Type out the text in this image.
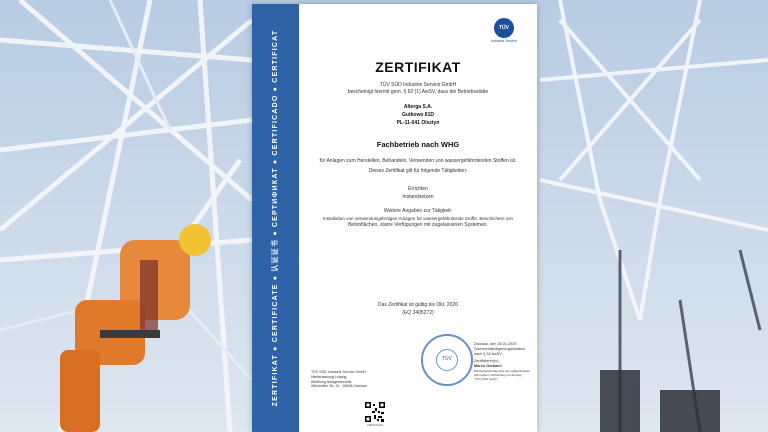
ZERTIFIKAT ● CERTIFICATE ● 认证证书 ● СЕРТИФИКАТ ● CERTIFICADO ● CERTIFICAT
TÜV
Industrie Service
ZERTIFIKAT
TÜV SÜD Industrie Service GmbH
bescheinigt hiermit gem. § 62 (1) AwSV, dass die Betriebsstätte
Alterga S.A.
Gutkowo 81D
PL-11-041 Olsztyn
Fachbetrieb nach WHG
für Anlagen zum Herstellen, Behandeln, Verwenden von wassergefährdenden Stoffen ist.
Dieses Zertifikat gilt für folgende Tätigkeiten:
Errichten
Instandsetzen
Weitere Angaben zur Tätigkeit:
Installation von verwendungsfertigen Anlagen für wassergefährdende Stoffe. Beschichten von
Betonflächen, starre Verfügungen mit zugelassenen Systemen.
Das Zertifikat ist gültig bis Okt. 2026
(EQ 3405272)
TÜV SÜD Industrie Service GmbH
Niederlassung Leipzig
Abteilung Anlagentechnik
Wilsdruffer Str. 24 · 09006 Zwickau
TÜV
Zwickau, den 28.01.2025
Sachverständigenorganisation
nach § 52 AwSV
Zertifizierer(in)
Marco Gerbach
Echtheitskontrolle über den aufgedruckten
QR-Code in Verbindung mit der App
"TÜV SÜD Verify"
CERTIFICATE
